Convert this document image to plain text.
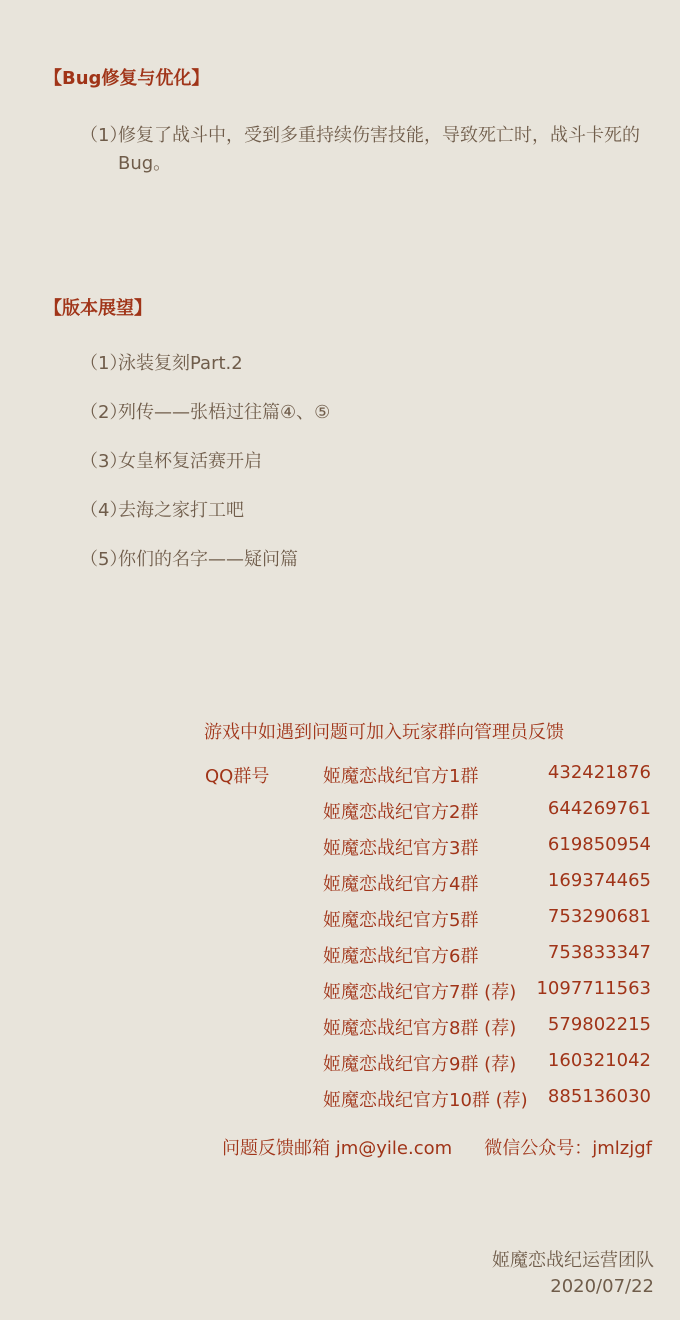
【Bug修复与优化】
（1）
修复了战斗中，受到多重持续伤害技能，导致死亡时，战斗卡死的Bug。
【版本展望】
（1）泳装复刻Part.2
（2）列传——张梧过往篇④、⑤
（3）女皇杯复活赛开启
（4）去海之家打工吧
（5）你们的名字——疑问篇
游戏中如遇到问题可加入玩家群向管理员反馈
QQ群号	姬魔恋战纪官方1群	432421876
姬魔恋战纪官方2群	644269761
姬魔恋战纪官方3群	619850954
姬魔恋战纪官方4群	169374465
姬魔恋战纪官方5群	753290681
姬魔恋战纪官方6群	753833347
姬魔恋战纪官方7群 (荐) 1097711563
姬魔恋战纪官方8群 (荐) 579802215
姬魔恋战纪官方9群 (荐) 160321042
姬魔恋战纪官方10群 (荐) 885136030
问题反馈邮箱 jm@yile.com 微信公众号：jmlzjgf
姬魔恋战纪运营团队
2020/07/22
